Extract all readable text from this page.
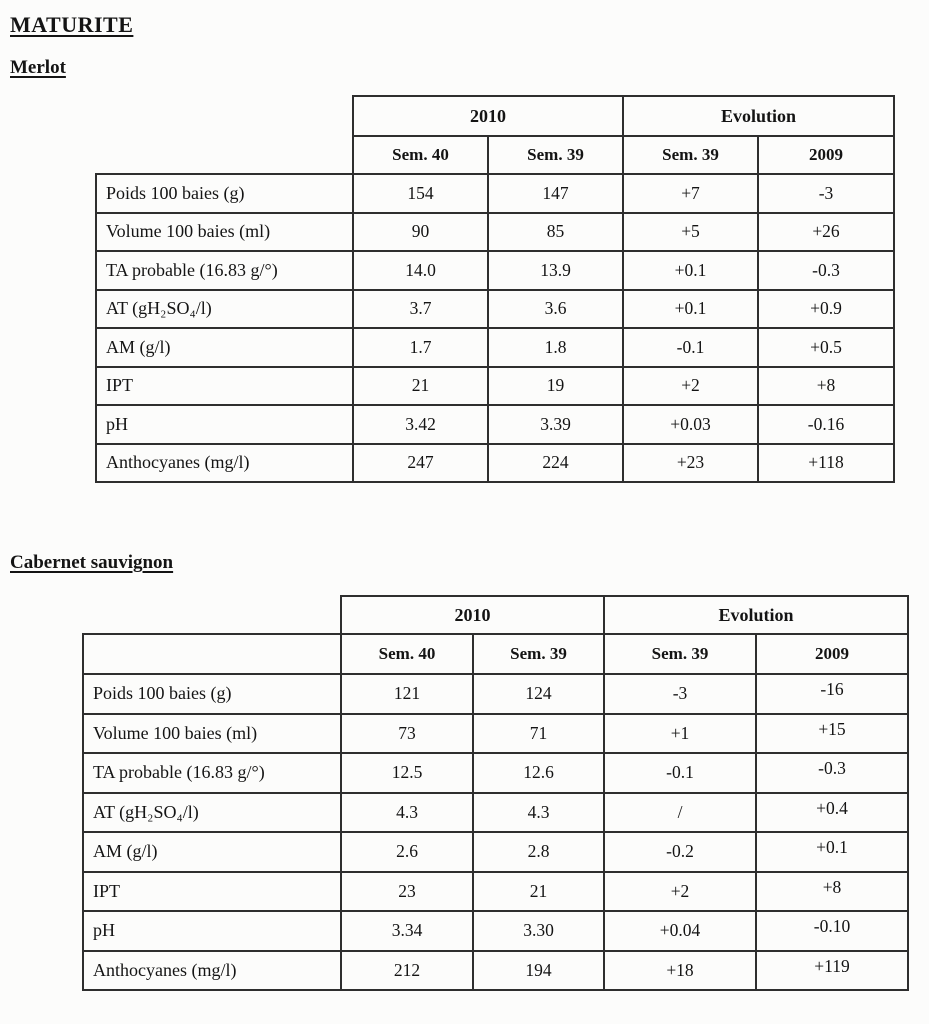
MATURITE
Merlot
	2010		Evolution	
	Sem. 40	Sem. 39	Sem. 39	2009
Poids 100 baies (g)	154	147	+7	-3
Volume 100 baies (ml)	90	85	+5	+26
TA probable (16.83 g/°)	14.0	13.9	+0.1	-0.3
AT (gH₂SO₄/l)	3.7	3.6	+0.1	+0.9
AM (g/l)	1.7	1.8	-0.1	+0.5
IPT	21	19	+2	+8
pH	3.42	3.39	+0.03	-0.16
Anthocyanes (mg/l)	247	224	+23	+118
Cabernet sauvignon
	2010		Evolution	
	Sem. 40	Sem. 39	Sem. 39	2009
Poids 100 baies (g)	121	124	-3	-16
Volume 100 baies (ml)	73	71	+1	+15
TA probable (16.83 g/°)	12.5	12.6	-0.1	-0.3
AT (gH₂SO₄/l)	4.3	4.3	/	+0.4
AM (g/l)	2.6	2.8	-0.2	+0.1
IPT	23	21	+2	+8
pH	3.34	3.30	+0.04	-0.10
Anthocyanes (mg/l)	212	194	+18	+119
